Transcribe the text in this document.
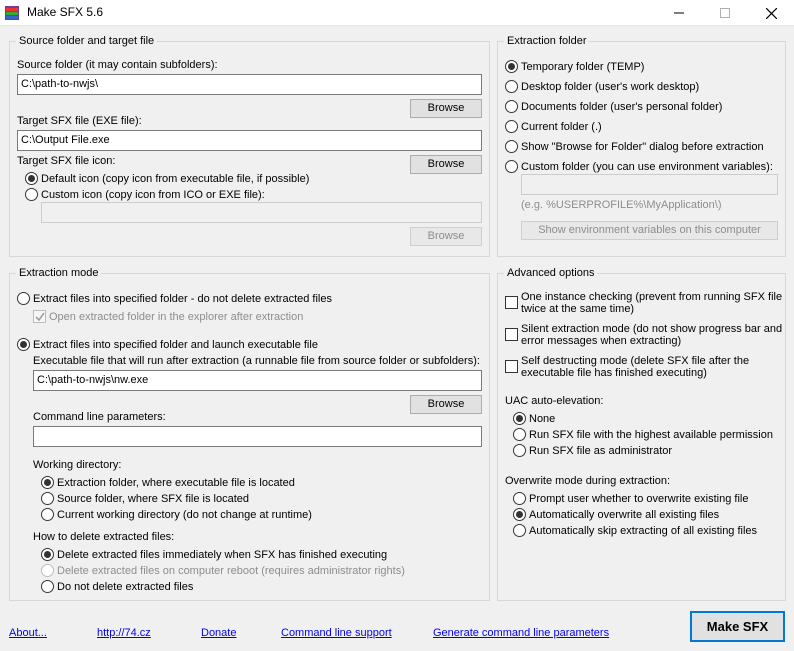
Make SFX 5.6
Source folder and target file
Source folder (it may contain subfolders):
C:\path-to-nwjs\
Browse
Target SFX file (EXE file):
C:\Output File.exe
Target SFX file icon:	Browse
Default icon (copy icon from executable file, if possible)
Custom icon (copy icon from ICO or EXE file):
Browse
Extraction folder
Temporary folder (TEMP)
Desktop folder (user's work desktop)
Documents folder (user's personal folder)
Current folder (.)
Show "Browse for Folder" dialog before extraction
Custom folder (you can use environment variables):
(e.g. %USERPROFILE%\MyApplication\)
Show environment variables on this computer
Extraction mode
Extract files into specified folder - do not delete extracted files
Open extracted folder in the explorer after extraction
Extract files into specified folder and launch executable file
Executable file that will run after extraction (a runnable file from source folder or subfolders):
C:\path-to-nwjs\nw.exe
Browse
Command line parameters:
Working directory:
Extraction folder, where executable file is located
Source folder, where SFX file is located
Current working directory (do not change at runtime)
How to delete extracted files:
Delete extracted files immediately when SFX has finished executing
Delete extracted files on computer reboot (requires administrator rights)
Do not delete extracted files
Advanced options
One instance checking (prevent from running SFX file twice at the same time)
Silent extraction mode (do not show progress bar and error messages when extracting)
Self destructing mode (delete SFX file after the executable file has finished executing)
UAC auto-elevation:
None
Run SFX file with the highest available permission
Run SFX file as administrator
Overwrite mode during extraction:
Prompt user whether to overwrite existing file
Automatically overwrite all existing files
Automatically skip extracting of all existing files
About...	http://74.cz	Donate	Command line support	Generate command line parameters	Make SFX
